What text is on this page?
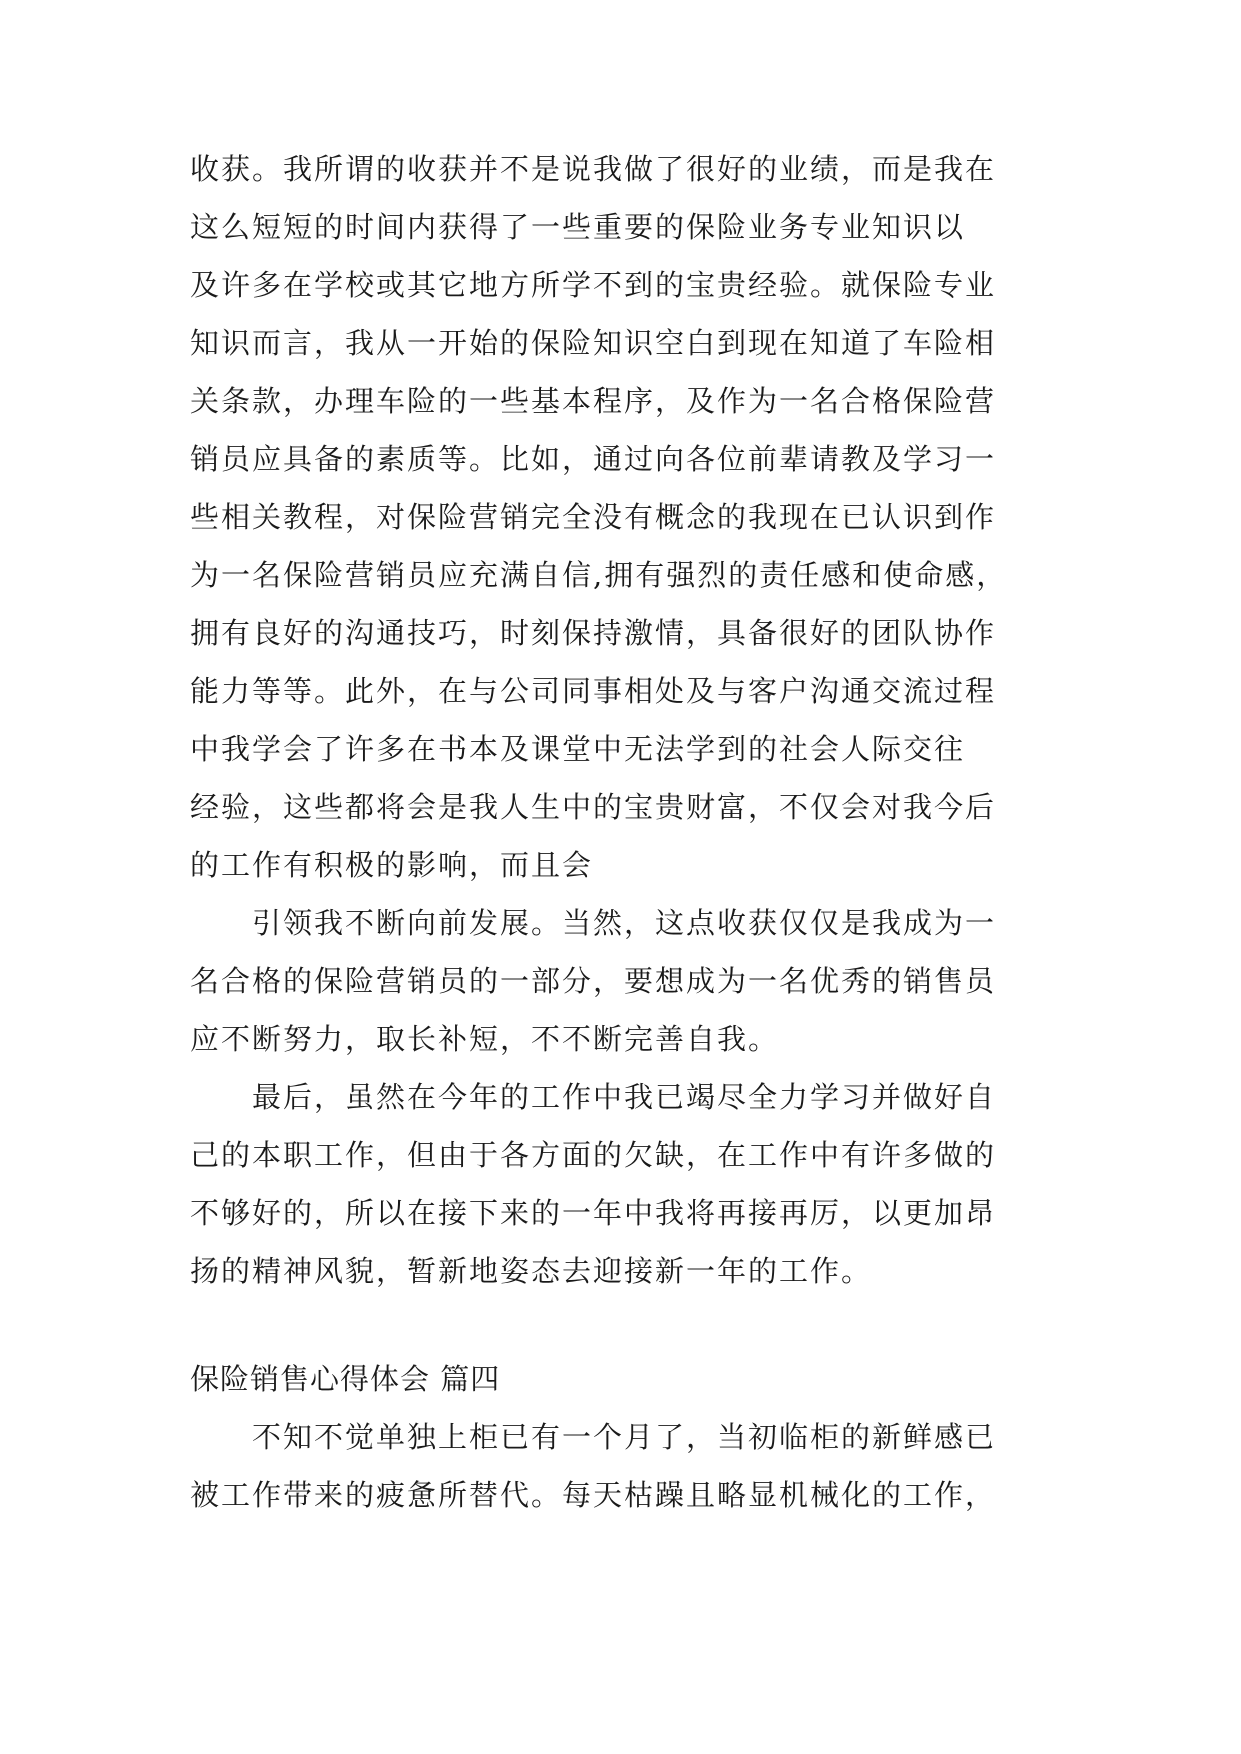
收获。我所谓的收获并不是说我做了很好的业绩，而是我在
这么短短的时间内获得了一些重要的保险业务专业知识以
及许多在学校或其它地方所学不到的宝贵经验。就保险专业
知识而言，我从一开始的保险知识空白到现在知道了车险相
关条款，办理车险的一些基本程序，及作为一名合格保险营
销员应具备的素质等。比如，通过向各位前辈请教及学习一
些相关教程，对保险营销完全没有概念的我现在已认识到作
为一名保险营销员应充满自信,拥有强烈的责任感和使命感，
拥有良好的沟通技巧，时刻保持激情，具备很好的团队协作
能力等等。此外，在与公司同事相处及与客户沟通交流过程
中我学会了许多在书本及课堂中无法学到的社会人际交往
经验，这些都将会是我人生中的宝贵财富，不仅会对我今后
的工作有积极的影响，而且会
引领我不断向前发展。当然，这点收获仅仅是我成为一
名合格的保险营销员的一部分，要想成为一名优秀的销售员
应不断努力，取长补短，不不断完善自我。
最后，虽然在今年的工作中我已竭尽全力学习并做好自
己的本职工作，但由于各方面的欠缺，在工作中有许多做的
不够好的，所以在接下来的一年中我将再接再厉，以更加昂
扬的精神风貌，暂新地姿态去迎接新一年的工作。
保险销售心得体会 篇四
不知不觉单独上柜已有一个月了，当初临柜的新鲜感已
被工作带来的疲惫所替代。每天枯躁且略显机械化的工作，
